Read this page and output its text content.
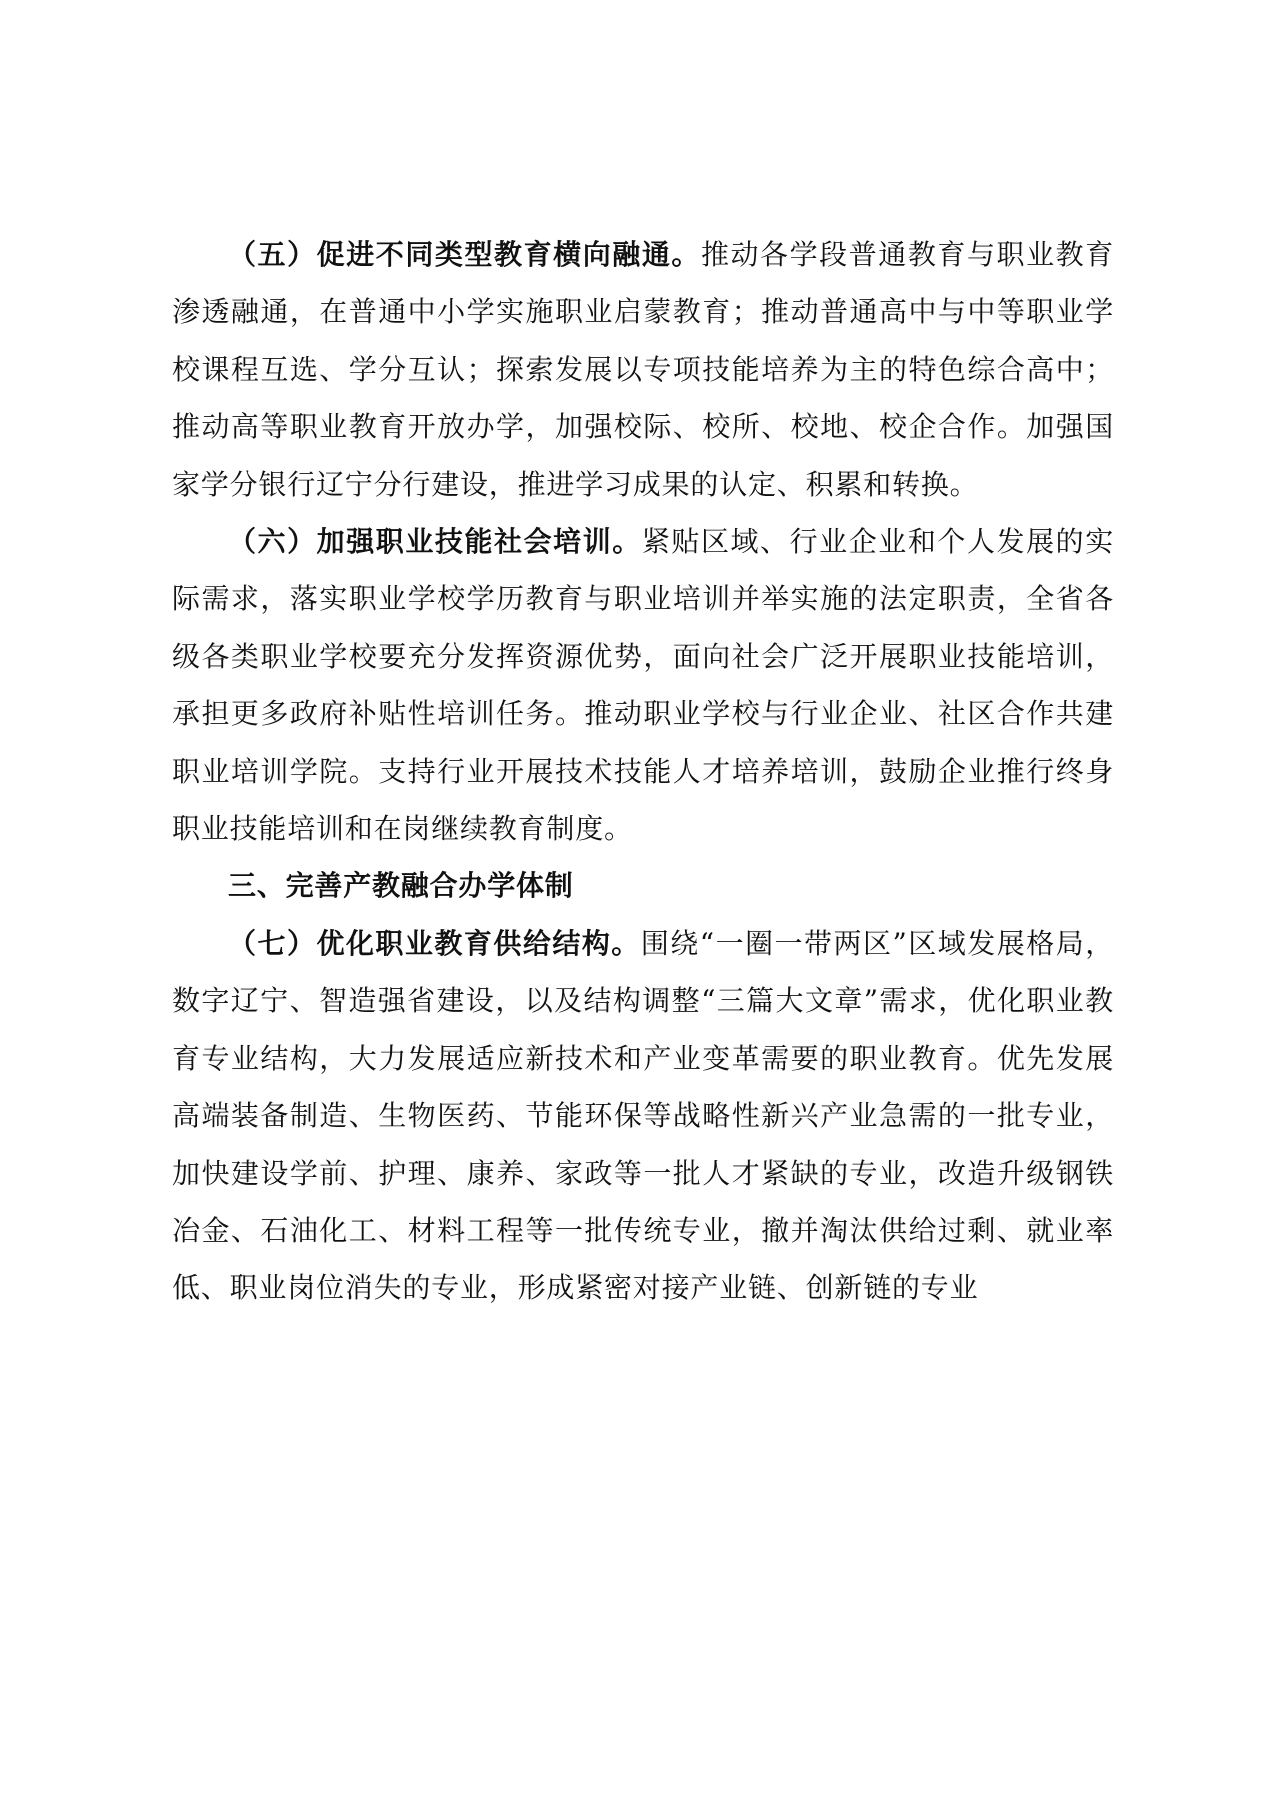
（五）促进不同类型教育横向融通。推动各学段普通教育与职业教育渗透融通，在普通中小学实施职业启蒙教育；推动普通高中与中等职业学校课程互选、学分互认；探索发展以专项技能培养为主的特色综合高中；推动高等职业教育开放办学，加强校际、校所、校地、校企合作。加强国家学分银行辽宁分行建设，推进学习成果的认定、积累和转换。

（六）加强职业技能社会培训。紧贴区域、行业企业和个人发展的实际需求，落实职业学校学历教育与职业培训并举实施的法定职责，全省各级各类职业学校要充分发挥资源优势，面向社会广泛开展职业技能培训，承担更多政府补贴性培训任务。推动职业学校与行业企业、社区合作共建职业培训学院。支持行业开展技术技能人才培养培训，鼓励企业推行终身职业技能培训和在岗继续教育制度。

三、完善产教融合办学体制

（七）优化职业教育供给结构。围绕“一圈一带两区”区域发展格局，数字辽宁、智造强省建设，以及结构调整“三篇大文章”需求，优化职业教育专业结构，大力发展适应新技术和产业变革需要的职业教育。优先发展高端装备制造、生物医药、节能环保等战略性新兴产业急需的一批专业，加快建设学前、护理、康养、家政等一批人才紧缺的专业，改造升级钢铁冶金、石油化工、材料工程等一批传统专业，撤并淘汰供给过剩、就业率低、职业岗位消失的专业，形成紧密对接产业链、创新链的专业
